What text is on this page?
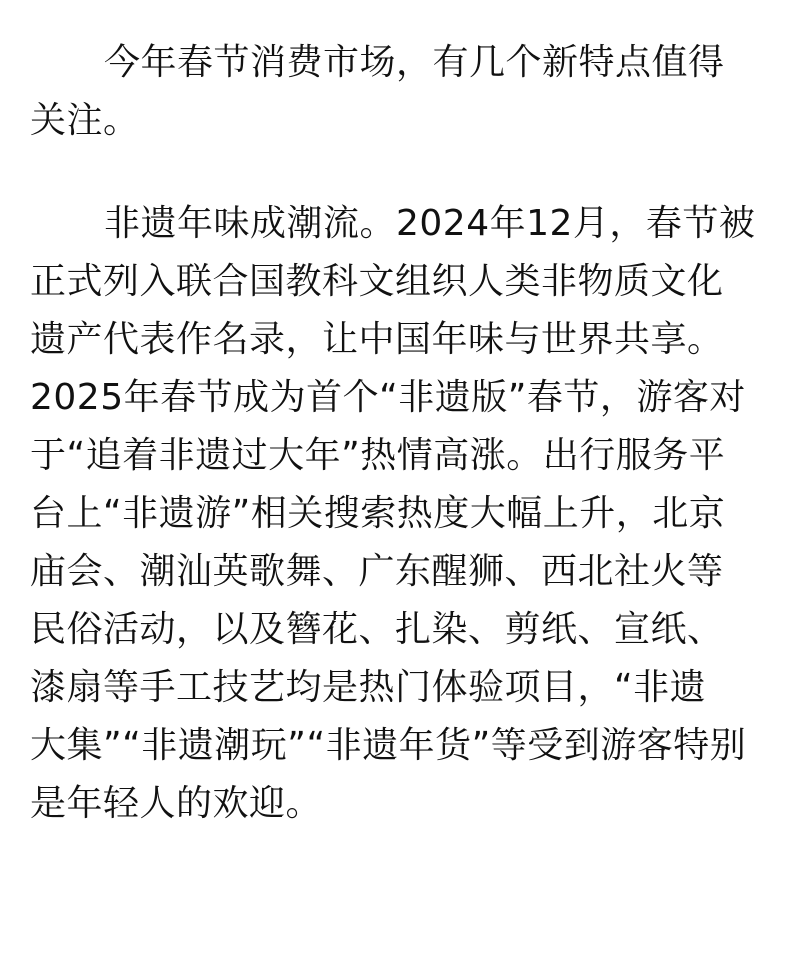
今年春节消费市场，有几个新特点值得
关注。
非遗年味成潮流。2024年12月，春节被
正式列入联合国教科文组织人类非物质文化
遗产代表作名录，让中国年味与世界共享。
2025年春节成为首个“非遗版”春节，游客对
于“追着非遗过大年”热情高涨。出行服务平
台上“非遗游”相关搜索热度大幅上升，北京
庙会、潮汕英歌舞、广东醒狮、西北社火等
民俗活动，以及簪花、扎染、剪纸、宣纸、
漆扇等手工技艺均是热门体验项目，“非遗
大集”“非遗潮玩”“非遗年货”等受到游客特别
是年轻人的欢迎。
